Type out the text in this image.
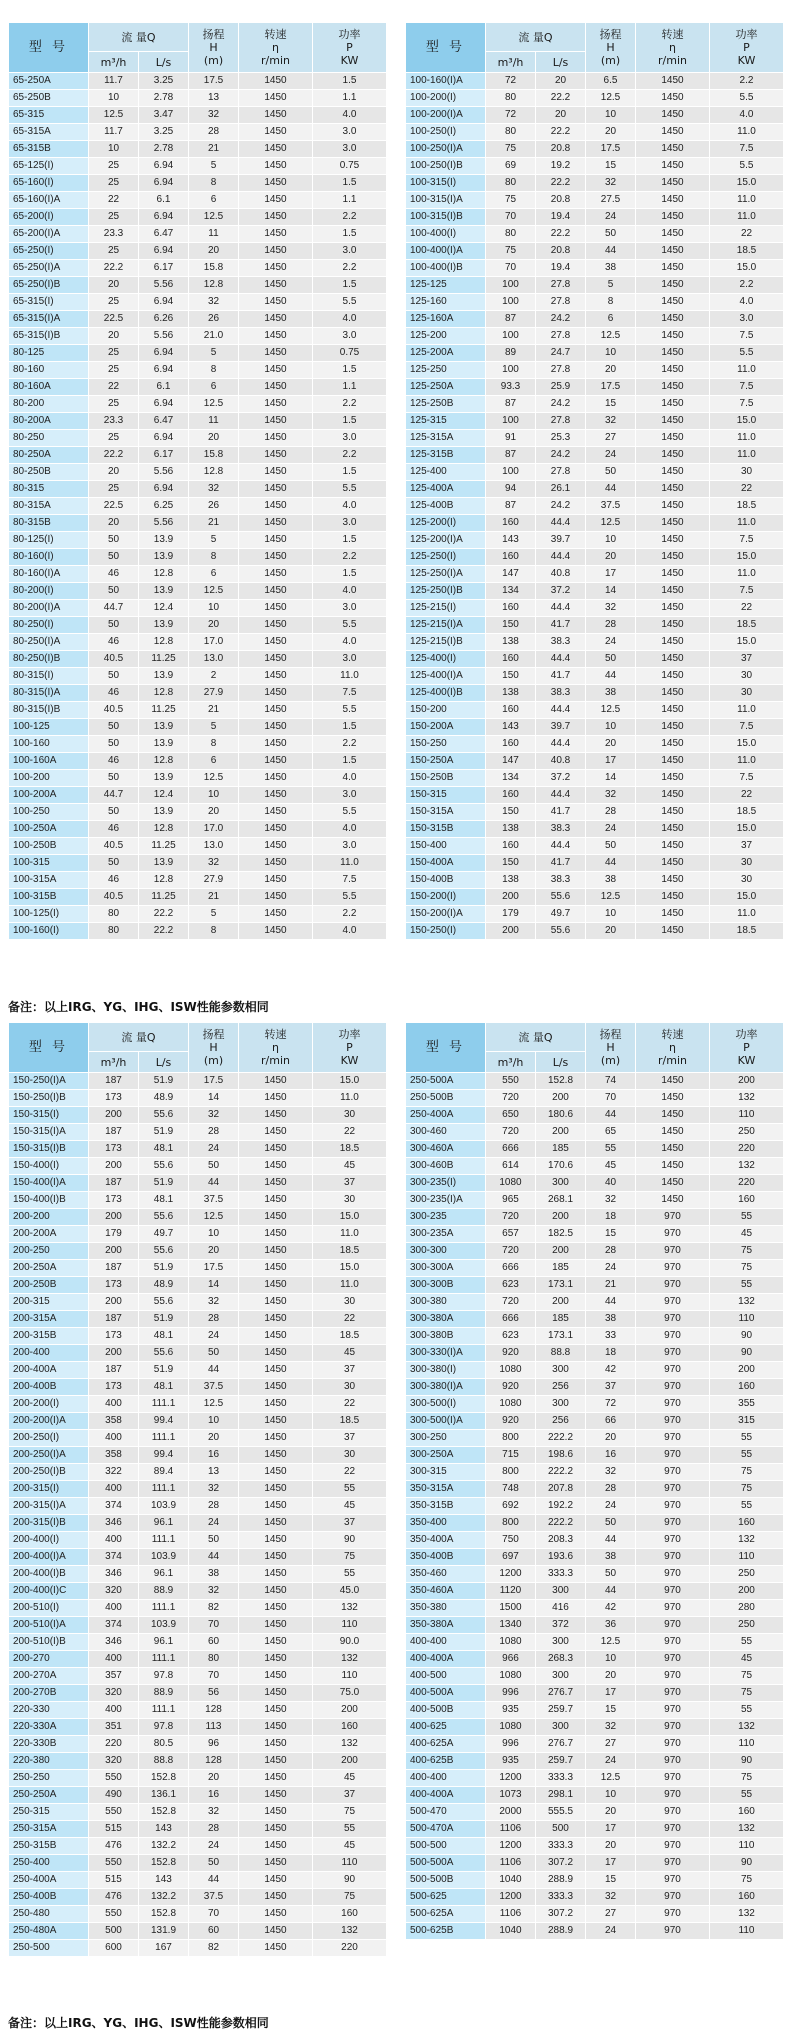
型 号	流 量Q		扬程
H
(m)	转速
η
r/min	功率
P
KW
	m³/h	L/s			
65-250A	11.7	3.25	17.5	1450	1.5
65-250B	10	2.78	13	1450	1.1
65-315	12.5	3.47	32	1450	4.0
65-315A	11.7	3.25	28	1450	3.0
65-315B	10	2.78	21	1450	3.0
65-125(I)	25	6.94	5	1450	0.75
65-160(I)	25	6.94	8	1450	1.5
65-160(I)A	22	6.1	6	1450	1.1
65-200(I)	25	6.94	12.5	1450	2.2
65-200(I)A	23.3	6.47	11	1450	1.5
65-250(I)	25	6.94	20	1450	3.0
65-250(I)A	22.2	6.17	15.8	1450	2.2
65-250(I)B	20	5.56	12.8	1450	1.5
65-315(I)	25	6.94	32	1450	5.5
65-315(I)A	22.5	6.26	26	1450	4.0
65-315(I)B	20	5.56	21.0	1450	3.0
80-125	25	6.94	5	1450	0.75
80-160	25	6.94	8	1450	1.5
80-160A	22	6.1	6	1450	1.1
80-200	25	6.94	12.5	1450	2.2
80-200A	23.3	6.47	11	1450	1.5
80-250	25	6.94	20	1450	3.0
80-250A	22.2	6.17	15.8	1450	2.2
80-250B	20	5.56	12.8	1450	1.5
80-315	25	6.94	32	1450	5.5
80-315A	22.5	6.25	26	1450	4.0
80-315B	20	5.56	21	1450	3.0
80-125(I)	50	13.9	5	1450	1.5
80-160(I)	50	13.9	8	1450	2.2
80-160(I)A	46	12.8	6	1450	1.5
80-200(I)	50	13.9	12.5	1450	4.0
80-200(I)A	44.7	12.4	10	1450	3.0
80-250(I)	50	13.9	20	1450	5.5
80-250(I)A	46	12.8	17.0	1450	4.0
80-250(I)B	40.5	11.25	13.0	1450	3.0
80-315(I)	50	13.9	2	1450	11.0
80-315(I)A	46	12.8	27.9	1450	7.5
80-315(I)B	40.5	11.25	21	1450	5.5
100-125	50	13.9	5	1450	1.5
100-160	50	13.9	8	1450	2.2
100-160A	46	12.8	6	1450	1.5
100-200	50	13.9	12.5	1450	4.0
100-200A	44.7	12.4	10	1450	3.0
100-250	50	13.9	20	1450	5.5
100-250A	46	12.8	17.0	1450	4.0
100-250B	40.5	11.25	13.0	1450	3.0
100-315	50	13.9	32	1450	11.0
100-315A	46	12.8	27.9	1450	7.5
100-315B	40.5	11.25	21	1450	5.5
100-125(I)	80	22.2	5	1450	2.2
100-160(I)	80	22.2	8	1450	4.0
型 号	流 量Q		扬程
H
(m)	转速
η
r/min	功率
P
KW
	m³/h	L/s			
100-160(I)A	72	20	6.5	1450	2.2
100-200(I)	80	22.2	12.5	1450	5.5
100-200(I)A	72	20	10	1450	4.0
100-250(I)	80	22.2	20	1450	11.0
100-250(I)A	75	20.8	17.5	1450	7.5
100-250(I)B	69	19.2	15	1450	5.5
100-315(I)	80	22.2	32	1450	15.0
100-315(I)A	75	20.8	27.5	1450	11.0
100-315(I)B	70	19.4	24	1450	11.0
100-400(I)	80	22.2	50	1450	22
100-400(I)A	75	20.8	44	1450	18.5
100-400(I)B	70	19.4	38	1450	15.0
125-125	100	27.8	5	1450	2.2
125-160	100	27.8	8	1450	4.0
125-160A	87	24.2	6	1450	3.0
125-200	100	27.8	12.5	1450	7.5
125-200A	89	24.7	10	1450	5.5
125-250	100	27.8	20	1450	11.0
125-250A	93.3	25.9	17.5	1450	7.5
125-250B	87	24.2	15	1450	7.5
125-315	100	27.8	32	1450	15.0
125-315A	91	25.3	27	1450	11.0
125-315B	87	24.2	24	1450	11.0
125-400	100	27.8	50	1450	30
125-400A	94	26.1	44	1450	22
125-400B	87	24.2	37.5	1450	18.5
125-200(I)	160	44.4	12.5	1450	11.0
125-200(I)A	143	39.7	10	1450	7.5
125-250(I)	160	44.4	20	1450	15.0
125-250(I)A	147	40.8	17	1450	11.0
125-250(I)B	134	37.2	14	1450	7.5
125-215(I)	160	44.4	32	1450	22
125-215(I)A	150	41.7	28	1450	18.5
125-215(I)B	138	38.3	24	1450	15.0
125-400(I)	160	44.4	50	1450	37
125-400(I)A	150	41.7	44	1450	30
125-400(I)B	138	38.3	38	1450	30
150-200	160	44.4	12.5	1450	11.0
150-200A	143	39.7	10	1450	7.5
150-250	160	44.4	20	1450	15.0
150-250A	147	40.8	17	1450	11.0
150-250B	134	37.2	14	1450	7.5
150-315	160	44.4	32	1450	22
150-315A	150	41.7	28	1450	18.5
150-315B	138	38.3	24	1450	15.0
150-400	160	44.4	50	1450	37
150-400A	150	41.7	44	1450	30
150-400B	138	38.3	38	1450	30
150-200(I)	200	55.6	12.5	1450	15.0
150-200(I)A	179	49.7	10	1450	11.0
150-250(I)	200	55.6	20	1450	18.5
备注：以上IRG、YG、IHG、ISW性能参数相同
型 号	流 量Q		扬程
H
(m)	转速
η
r/min	功率
P
KW
	m³/h	L/s			
150-250(I)A	187	51.9	17.5	1450	15.0
150-250(I)B	173	48.9	14	1450	11.0
150-315(I)	200	55.6	32	1450	30
150-315(I)A	187	51.9	28	1450	22
150-315(I)B	173	48.1	24	1450	18.5
150-400(I)	200	55.6	50	1450	45
150-400(I)A	187	51.9	44	1450	37
150-400(I)B	173	48.1	37.5	1450	30
200-200	200	55.6	12.5	1450	15.0
200-200A	179	49.7	10	1450	11.0
200-250	200	55.6	20	1450	18.5
200-250A	187	51.9	17.5	1450	15.0
200-250B	173	48.9	14	1450	11.0
200-315	200	55.6	32	1450	30
200-315A	187	51.9	28	1450	22
200-315B	173	48.1	24	1450	18.5
200-400	200	55.6	50	1450	45
200-400A	187	51.9	44	1450	37
200-400B	173	48.1	37.5	1450	30
200-200(I)	400	111.1	12.5	1450	22
200-200(I)A	358	99.4	10	1450	18.5
200-250(I)	400	111.1	20	1450	37
200-250(I)A	358	99.4	16	1450	30
200-250(I)B	322	89.4	13	1450	22
200-315(I)	400	111.1	32	1450	55
200-315(I)A	374	103.9	28	1450	45
200-315(I)B	346	96.1	24	1450	37
200-400(I)	400	111.1	50	1450	90
200-400(I)A	374	103.9	44	1450	75
200-400(I)B	346	96.1	38	1450	55
200-400(I)C	320	88.9	32	1450	45.0
200-510(I)	400	111.1	82	1450	132
200-510(I)A	374	103.9	70	1450	110
200-510(I)B	346	96.1	60	1450	90.0
200-270	400	111.1	80	1450	132
200-270A	357	97.8	70	1450	110
200-270B	320	88.9	56	1450	75.0
220-330	400	111.1	128	1450	200
220-330A	351	97.8	113	1450	160
220-330B	220	80.5	96	1450	132
220-380	320	88.8	128	1450	200
250-250	550	152.8	20	1450	45
250-250A	490	136.1	16	1450	37
250-315	550	152.8	32	1450	75
250-315A	515	143	28	1450	55
250-315B	476	132.2	24	1450	45
250-400	550	152.8	50	1450	110
250-400A	515	143	44	1450	90
250-400B	476	132.2	37.5	1450	75
250-480	550	152.8	70	1450	160
250-480A	500	131.9	60	1450	132
250-500	600	167	82	1450	220
型 号	流 量Q		扬程
H
(m)	转速
η
r/min	功率
P
KW
	m³/h	L/s			
250-500A	550	152.8	74	1450	200
250-500B	720	200	70	1450	132
250-400A	650	180.6	44	1450	110
300-460	720	200	65	1450	250
300-460A	666	185	55	1450	220
300-460B	614	170.6	45	1450	132
300-235(I)	1080	300	40	1450	220
300-235(I)A	965	268.1	32	1450	160
300-235	720	200	18	970	55
300-235A	657	182.5	15	970	45
300-300	720	200	28	970	75
300-300A	666	185	24	970	75
300-300B	623	173.1	21	970	55
300-380	720	200	44	970	132
300-380A	666	185	38	970	110
300-380B	623	173.1	33	970	90
300-330(I)A	920	88.8	18	970	90
300-380(I)	1080	300	42	970	200
300-380(I)A	920	256	37	970	160
300-500(I)	1080	300	72	970	355
300-500(I)A	920	256	66	970	315
300-250	800	222.2	20	970	55
300-250A	715	198.6	16	970	55
300-315	800	222.2	32	970	75
350-315A	748	207.8	28	970	75
350-315B	692	192.2	24	970	55
350-400	800	222.2	50	970	160
350-400A	750	208.3	44	970	132
350-400B	697	193.6	38	970	110
350-460	1200	333.3	50	970	250
350-460A	1120	300	44	970	200
350-380	1500	416	42	970	280
350-380A	1340	372	36	970	250
400-400	1080	300	12.5	970	55
400-400A	966	268.3	10	970	45
400-500	1080	300	20	970	75
400-500A	996	276.7	17	970	75
400-500B	935	259.7	15	970	55
400-625	1080	300	32	970	132
400-625A	996	276.7	27	970	110
400-625B	935	259.7	24	970	90
400-400	1200	333.3	12.5	970	75
400-400A	1073	298.1	10	970	55
500-470	2000	555.5	20	970	160
500-470A	1106	500	17	970	132
500-500	1200	333.3	20	970	110
500-500A	1106	307.2	17	970	90
500-500B	1040	288.9	15	970	75
500-625	1200	333.3	32	970	160
500-625A	1106	307.2	27	970	132
500-625B	1040	288.9	24	970	110
备注：以上IRG、YG、IHG、ISW性能参数相同
